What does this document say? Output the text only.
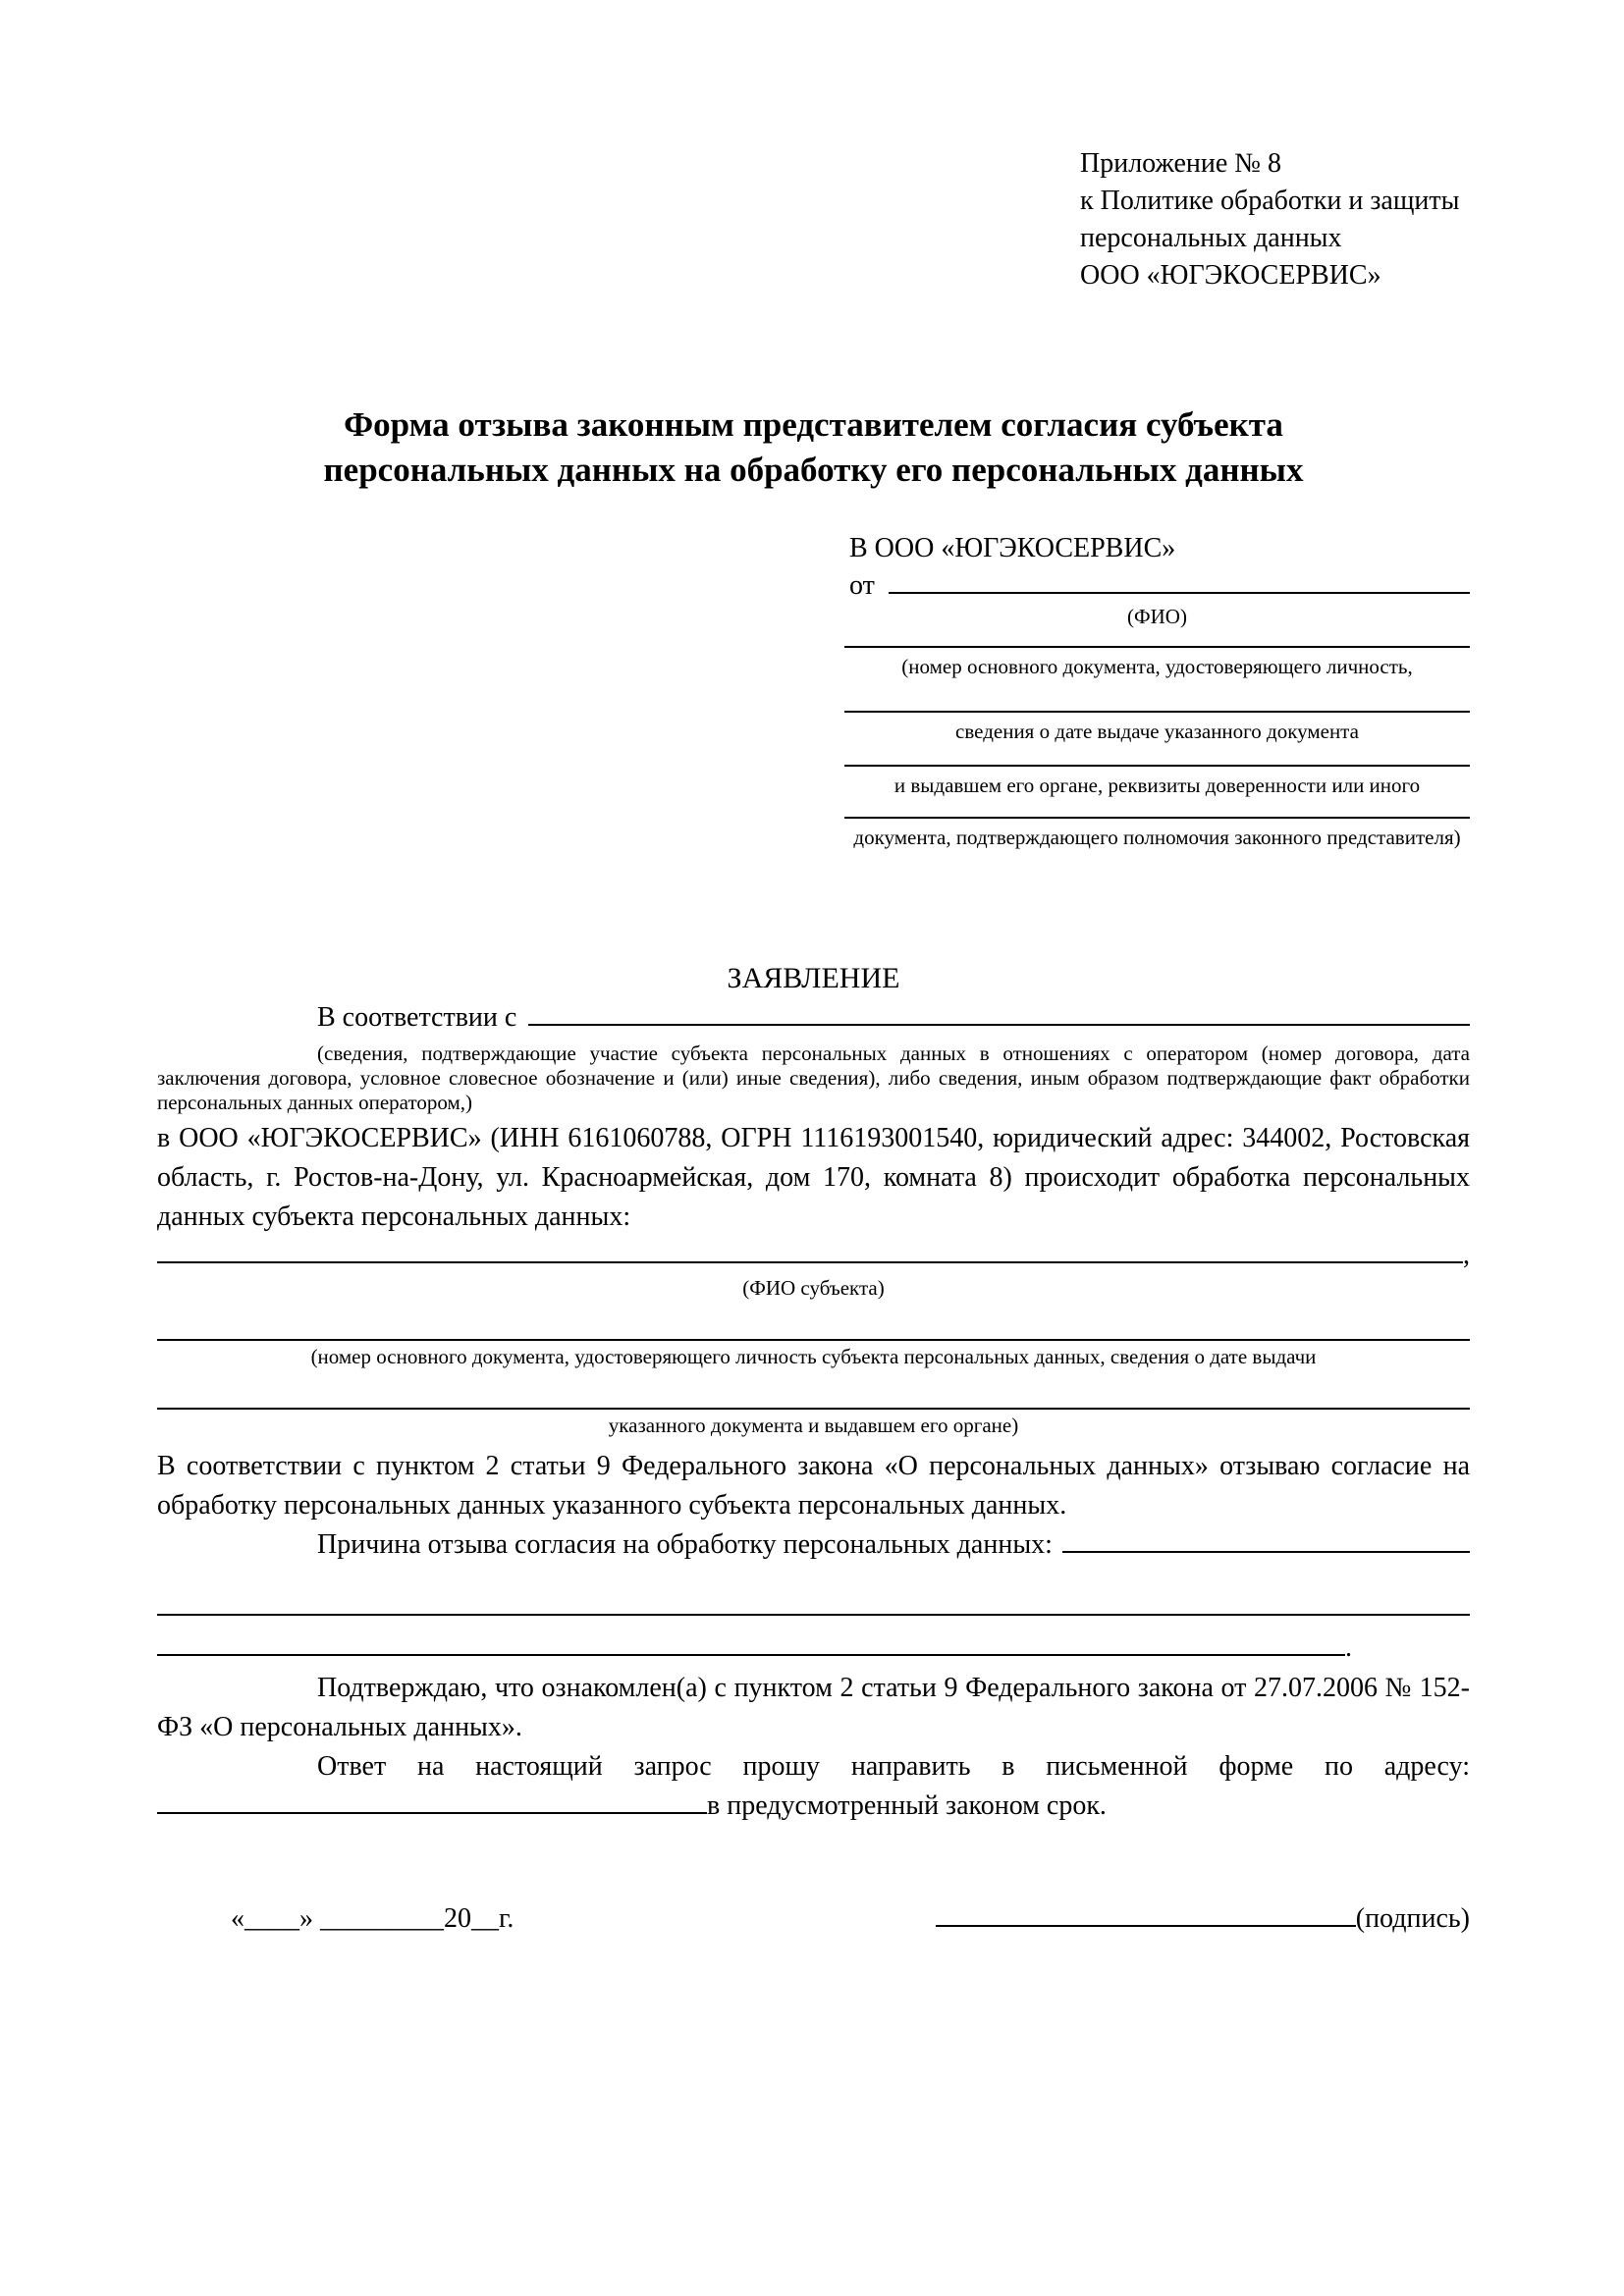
Приложение № 8
к Политике обработки и защиты
персональных данных
ООО «ЮГЭКОСЕРВИС»
Форма отзыва законным представителем согласия субъекта
персональных данных на обработку его персональных данных
В ООО «ЮГЭКОСЕРВИС»
от
(ФИО)
(номер основного документа, удостоверяющего личность,
сведения о дате выдаче указанного документа
и выдавшем его органе, реквизиты доверенности или иного
документа, подтверждающего полномочия законного представителя)
ЗАЯВЛЕНИЕ
В соответствии с
(сведения, подтверждающие участие субъекта персональных данных в отношениях с оператором (номер договора, дата заключения договора, условное словесное обозначение и (или) иные сведения), либо сведения, иным образом подтверждающие факт обработки персональных данных оператором,)
в ООО «ЮГЭКОСЕРВИС» (ИНН 6161060788, ОГРН 1116193001540, юридический адрес: 344002, Ростовская область, г. Ростов-на-Дону, ул. Красноармейская, дом 170, комната 8) происходит обработка персональных данных субъекта персональных данных:
,
(ФИО субъекта)
(номер основного документа, удостоверяющего личность субъекта персональных данных, сведения о дате выдачи
указанного документа и выдавшем его органе)
В соответствии с пунктом 2 статьи 9 Федерального закона «О персональных данных» отзываю согласие на обработку персональных данных указанного субъекта персональных данных.
Причина отзыва согласия на обработку персональных данных:
.
Подтверждаю, что ознакомлен(а) с пунктом 2 статьи 9 Федерального закона от 27.07.2006 № 152-ФЗ «О персональных данных».
Ответ на настоящий запрос прошу направить в письменной форме по адресу:
в предусмотренный законом срок.
«____» _________20__г.	(подпись)
